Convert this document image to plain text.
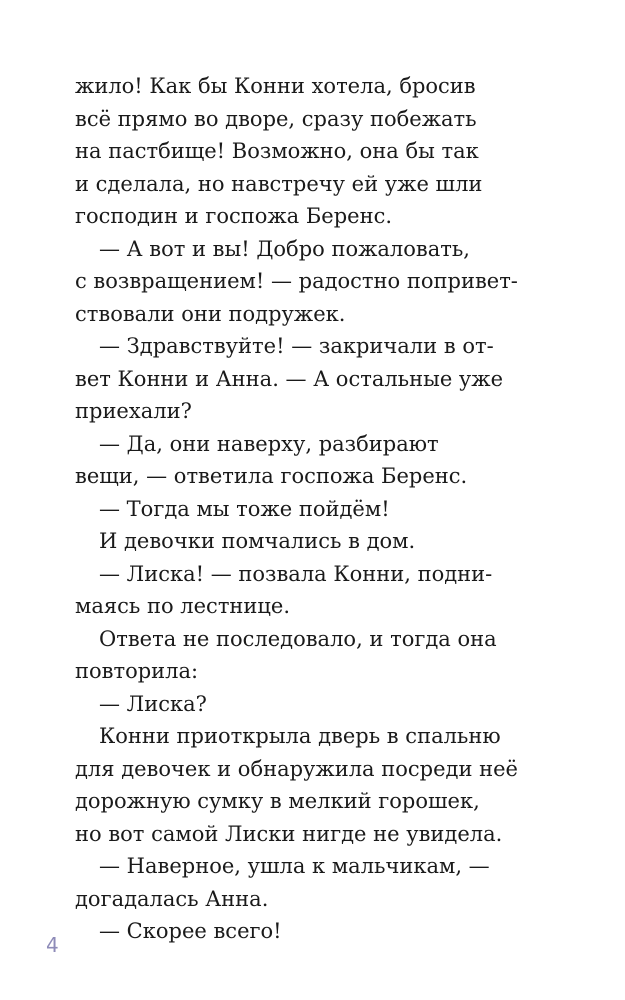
жило! Как бы Конни хотела, бросив
всё прямо во дворе, сразу побежать
на пастбище! Возможно, она бы так
и сделала, но навстречу ей уже шли
господин и госпожа Беренс.
— А вот и вы! Добро пожаловать,
с возвращением! — радостно попривет-
ствовали они подружек.
— Здравствуйте! — закричали в от-
вет Конни и Анна. — А остальные уже
приехали?
— Да, они наверху, разбирают
вещи, — ответила госпожа Беренс.
— Тогда мы тоже пойдём!
И девочки помчались в дом.
— Лиска! — позвала Конни, подни-
маясь по лестнице.
Ответа не последовало, и тогда она
повторила:
— Лиска?
Конни приоткрыла дверь в спальню
для девочек и обнаружила посреди неё
дорожную сумку в мелкий горошек,
но вот самой Лиски нигде не увидела.
— Наверное, ушла к мальчикам, —
догадалась Анна.
— Скорее всего!
4
